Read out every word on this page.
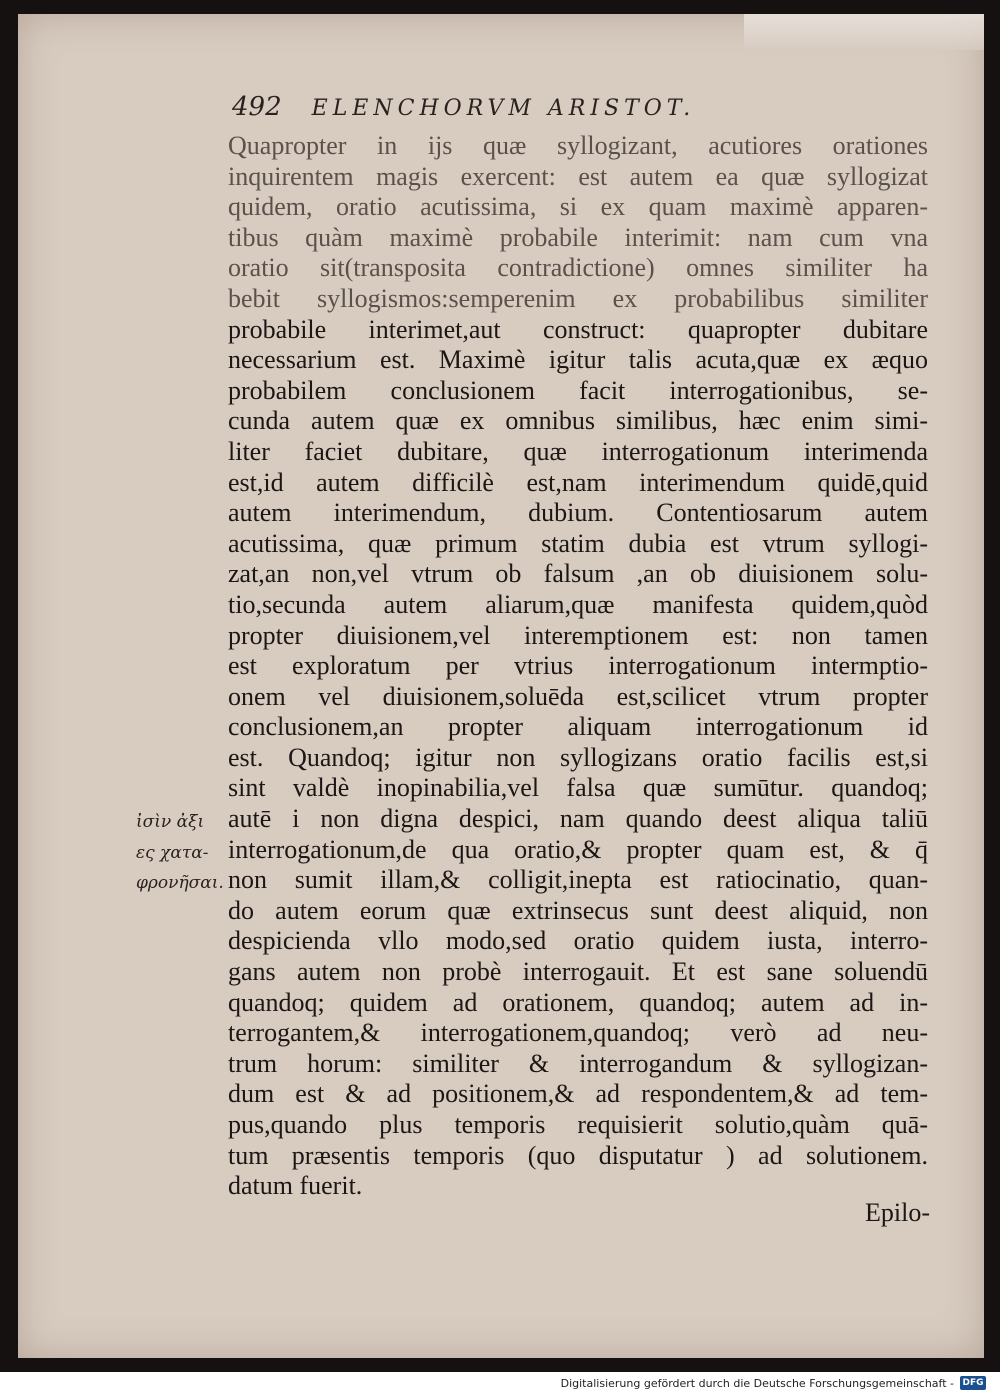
492 ELENCHORVM ARISTOT.
Quapropter in ijs quæ syllogizant, acutiores orationes
inquirentem magis exercent: est autem ea quæ syllogizat
quidem, oratio acutissima, si ex quam maximè apparen-
tibus quàm maximè probabile interimit: nam cum vna
oratio sit(transposita contradictione) omnes similiter ha
bebit syllogismos:semperenim ex probabilibus similiter
probabile interimet,aut construct: quapropter dubitare
necessarium est. Maximè igitur talis acuta,quæ ex æquo
probabilem conclusionem facit interrogationibus, se-
cunda autem quæ ex omnibus similibus, hæc enim simi-
liter faciet dubitare, quæ interrogationum interimenda
est,id autem difficilè est,nam interimendum quidē,quid
autem interimendum, dubium. Contentiosarum autem
acutissima, quæ primum statim dubia est vtrum syllogi-
zat,an non,vel vtrum ob falsum ,an ob diuisionem solu-
tio,secunda autem aliarum,quæ manifesta quidem,quòd
propter diuisionem,vel interemptionem est: non tamen
est exploratum per vtrius interrogationum intermptio-
onem vel diuisionem,soluēda est,scilicet vtrum propter
conclusionem,an propter aliquam interrogationum id
est. Quandoq; igitur non syllogizans oratio facilis est,si
sint valdè inopinabilia,vel falsa quæ sumūtur. quandoq;
autē i non digna despici, nam quando deest aliqua taliū
interrogationum,de qua oratio,& propter quam est, & q̄
non sumit illam,& colligit,inepta est ratiocinatio, quan-
do autem eorum quæ extrinsecus sunt deest aliquid, non
despicienda vllo modo,sed oratio quidem iusta, interro-
gans autem non probè interrogauit. Et est sane soluendū
quandoq; quidem ad orationem, quandoq; autem ad in-
terrogantem,& interrogationem,quandoq; verò ad neu-
trum horum: similiter & interrogandum & syllogizan-
dum est & ad positionem,& ad respondentem,& ad tem-
pus,quando plus temporis requisierit solutio,quàm quā-
tum præsentis temporis (quo disputatur ) ad solutionem.
datum fuerit.
ἰσὶν ἀξι
ες χατα-
φρονῆσαι.
Epilo-
Digitalisierung gefördert durch die Deutsche Forschungsgemeinschaft - DFG
